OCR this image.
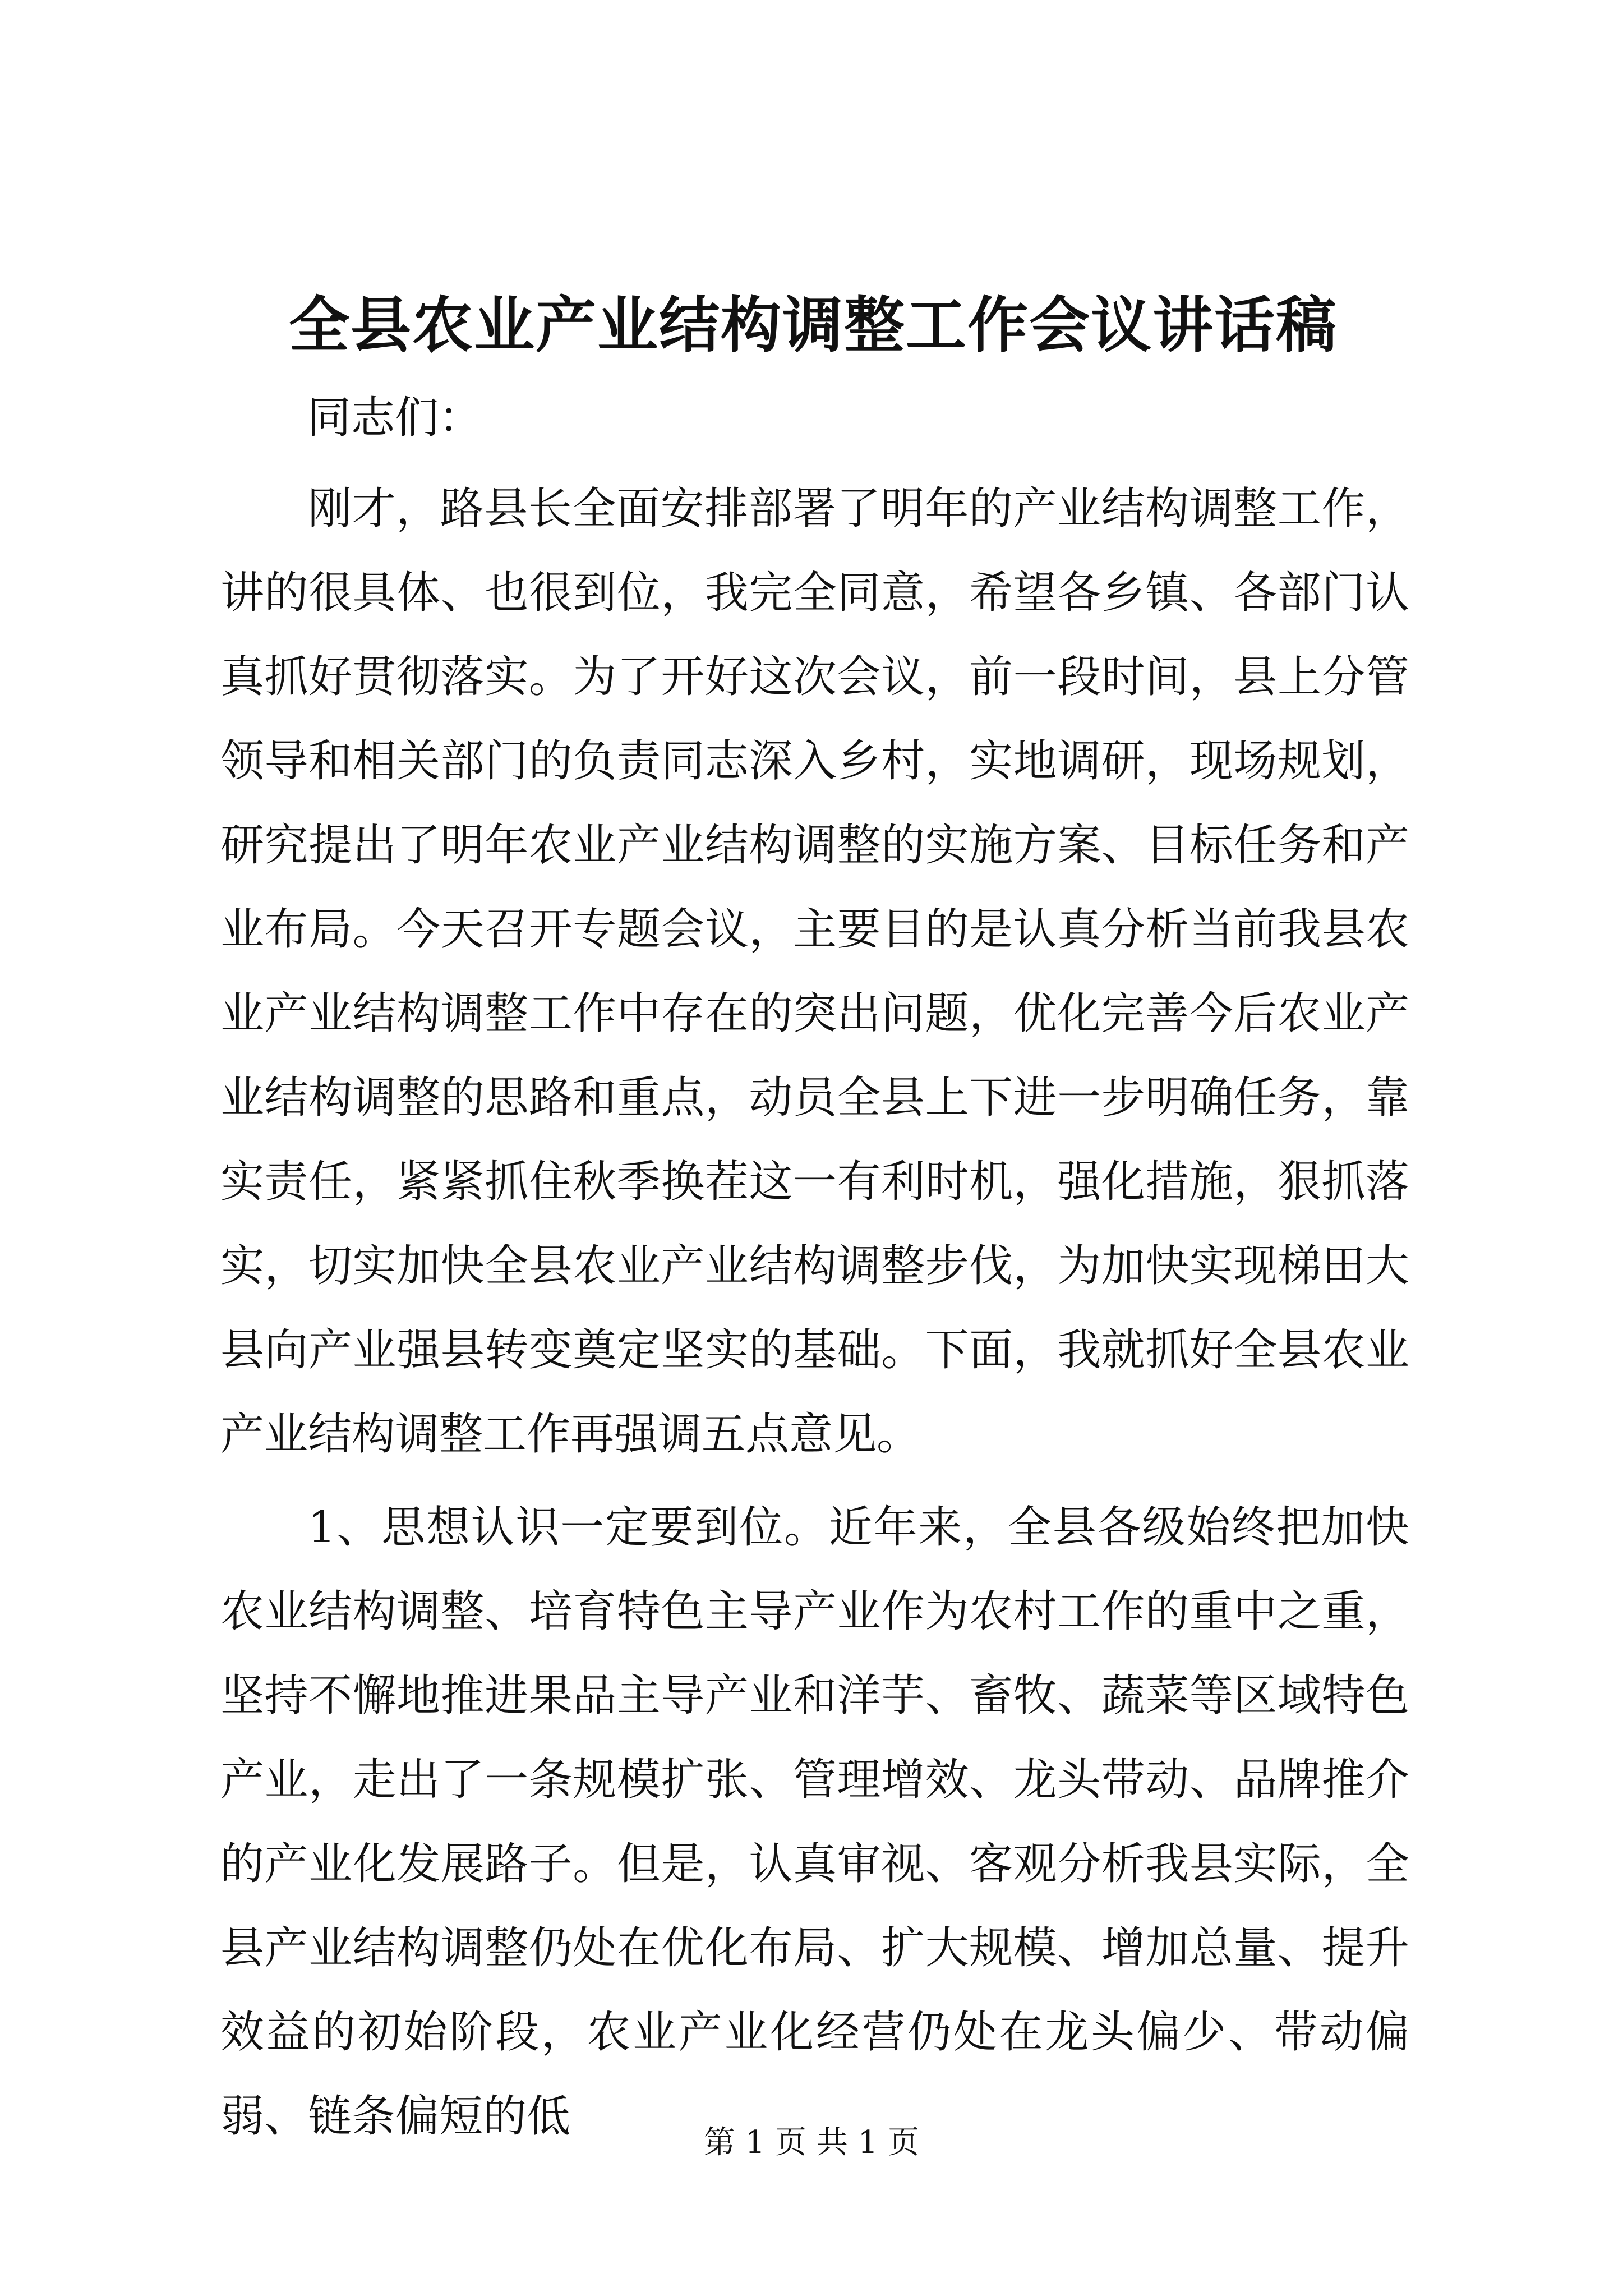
全县农业产业结构调整工作会议讲话稿
同志们：

刚才，路县长全面安排部署了明年的产业结构调整工作，讲的很具体、也很到位，我完全同意，希望各乡镇、各部门认真抓好贯彻落实。为了开好这次会议，前一段时间，县上分管领导和相关部门的负责同志深入乡村，实地调研，现场规划，研究提出了明年农业产业结构调整的实施方案、目标任务和产业布局。今天召开专题会议，主要目的是认真分析当前我县农业产业结构调整工作中存在的突出问题，优化完善今后农业产业结构调整的思路和重点，动员全县上下进一步明确任务，靠实责任，紧紧抓住秋季换茬这一有利时机，强化措施，狠抓落实，切实加快全县农业产业结构调整步伐，为加快实现梯田大县向产业强县转变奠定坚实的基础。下面，我就抓好全县农业产业结构调整工作再强调五点意见。

1、思想认识一定要到位。近年来，全县各级始终把加快农业结构调整、培育特色主导产业作为农村工作的重中之重，坚持不懈地推进果品主导产业和洋芋、畜牧、蔬菜等区域特色产业，走出了一条规模扩张、管理增效、龙头带动、品牌推介的产业化发展路子。但是，认真审视、客观分析我县实际，全县产业结构调整仍处在优化布局、扩大规模、增加总量、提升效益的初始阶段，农业产业化经营仍处在龙头偏少、带动偏弱、链条偏短的低

第 1 页 共 1 页
